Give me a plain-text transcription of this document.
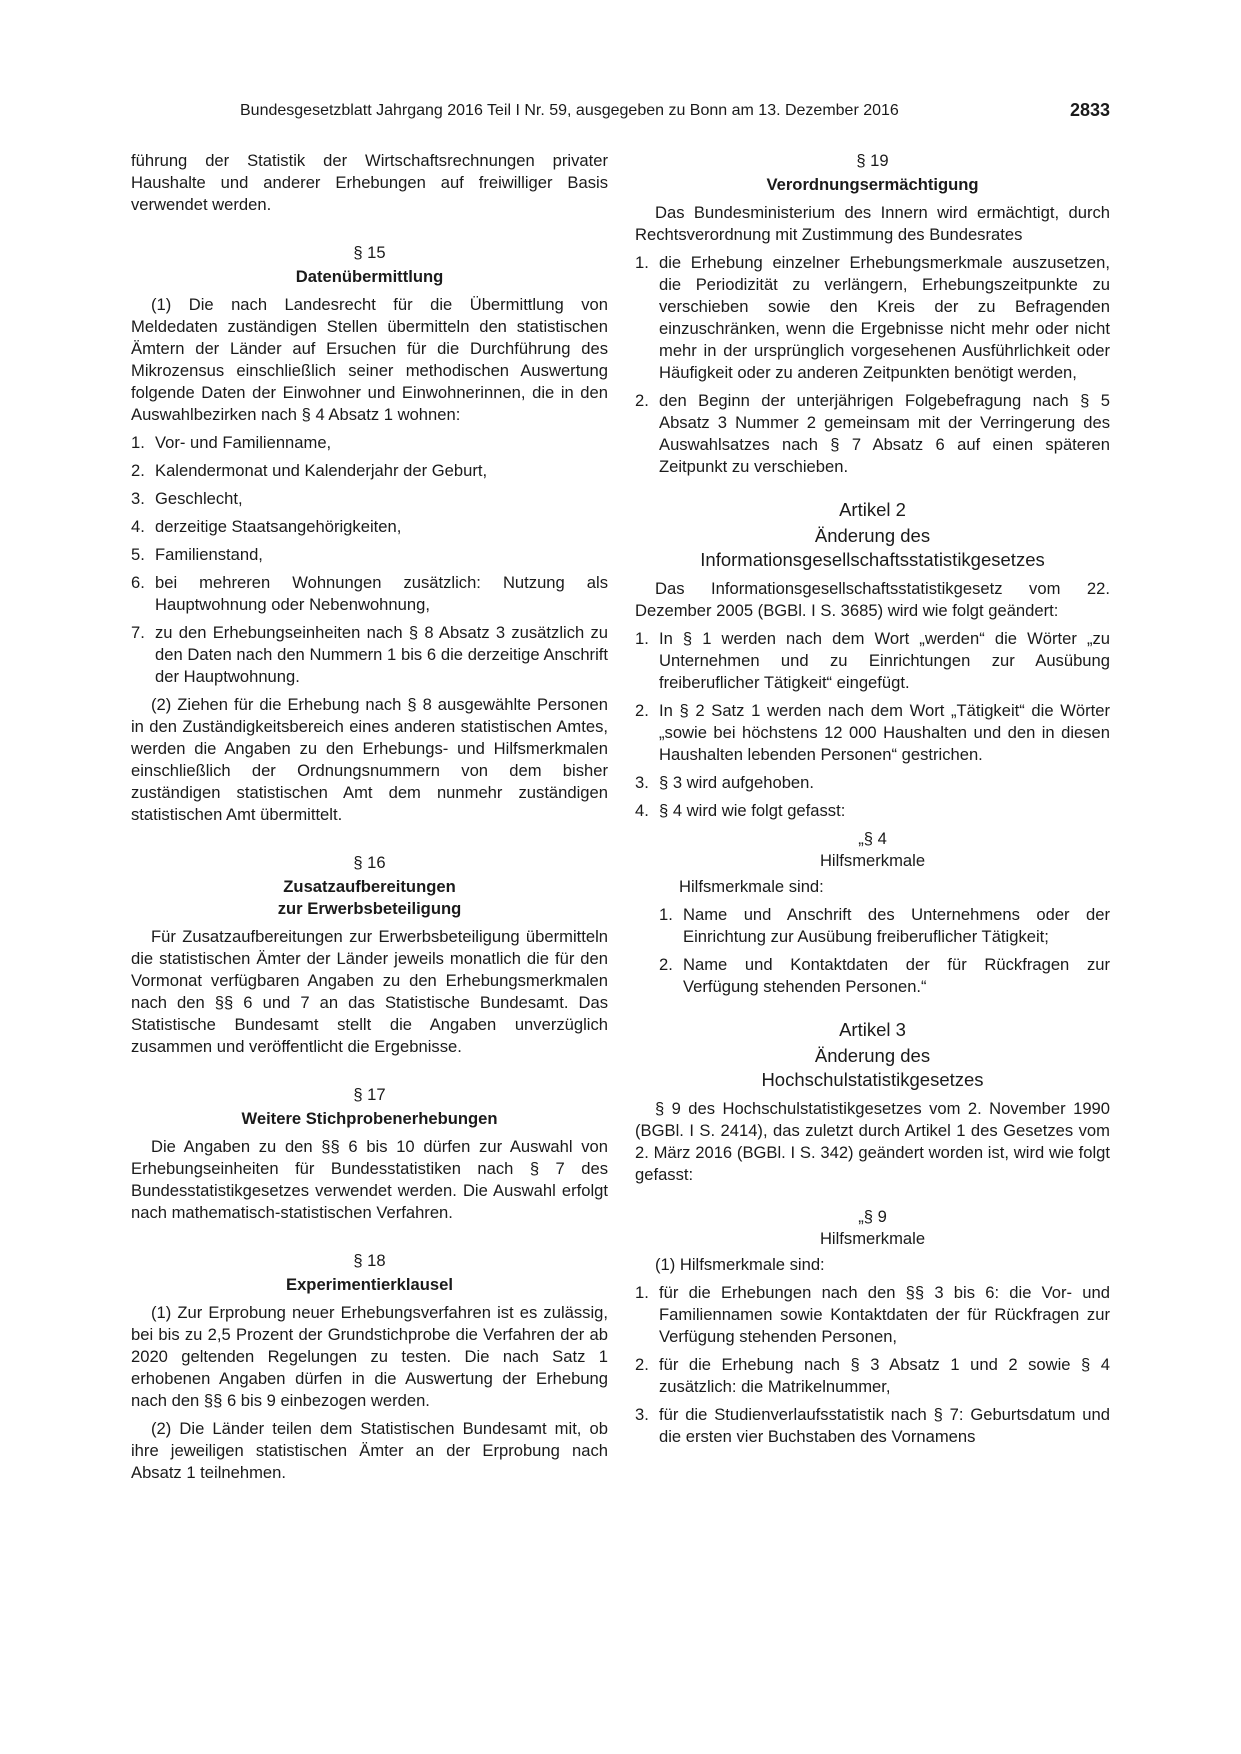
Bundesgesetzblatt Jahrgang 2016 Teil I Nr. 59, ausgegeben zu Bonn am 13. Dezember 2016	2833

führung der Statistik der Wirtschaftsrechnungen privater Haushalte und anderer Erhebungen auf freiwilliger Basis verwendet werden.

§ 15

Datenübermittlung

(1) Die nach Landesrecht für die Übermittlung von Meldedaten zuständigen Stellen übermitteln den statistischen Ämtern der Länder auf Ersuchen für die Durchführung des Mikrozensus einschließlich seiner methodischen Auswertung folgende Daten der Einwohner und Einwohnerinnen, die in den Auswahlbezirken nach § 4 Absatz 1 wohnen:

1. Vor- und Familienname,
2. Kalendermonat und Kalenderjahr der Geburt,
3. Geschlecht,
4. derzeitige Staatsangehörigkeiten,
5. Familienstand,
6. bei mehreren Wohnungen zusätzlich: Nutzung als Hauptwohnung oder Nebenwohnung,
7. zu den Erhebungseinheiten nach § 8 Absatz 3 zusätzlich zu den Daten nach den Nummern 1 bis 6 die derzeitige Anschrift der Hauptwohnung.

(2) Ziehen für die Erhebung nach § 8 ausgewählte Personen in den Zuständigkeitsbereich eines anderen statistischen Amtes, werden die Angaben zu den Erhebungs- und Hilfsmerkmalen einschließlich der Ordnungsnummern von dem bisher zuständigen statistischen Amt dem nunmehr zuständigen statistischen Amt übermittelt.

§ 16

Zusatzaufbereitungen

zur Erwerbsbeteiligung

Für Zusatzaufbereitungen zur Erwerbsbeteiligung übermitteln die statistischen Ämter der Länder jeweils monatlich die für den Vormonat verfügbaren Angaben zu den Erhebungsmerkmalen nach den §§ 6 und 7 an das Statistische Bundesamt. Das Statistische Bundesamt stellt die Angaben unverzüglich zusammen und veröffentlicht die Ergebnisse.

§ 17

Weitere Stichprobenerhebungen

Die Angaben zu den §§ 6 bis 10 dürfen zur Auswahl von Erhebungseinheiten für Bundesstatistiken nach § 7 des Bundesstatistikgesetzes verwendet werden. Die Auswahl erfolgt nach mathematisch-statistischen Verfahren.

§ 18

Experimentierklausel

(1) Zur Erprobung neuer Erhebungsverfahren ist es zulässig, bei bis zu 2,5 Prozent der Grundstichprobe die Verfahren der ab 2020 geltenden Regelungen zu testen. Die nach Satz 1 erhobenen Angaben dürfen in die Auswertung der Erhebung nach den §§ 6 bis 9 einbezogen werden.

(2) Die Länder teilen dem Statistischen Bundesamt mit, ob ihre jeweiligen statistischen Ämter an der Erprobung nach Absatz 1 teilnehmen.

§ 19

Verordnungsermächtigung

Das Bundesministerium des Innern wird ermächtigt, durch Rechtsverordnung mit Zustimmung des Bundesrates

1. die Erhebung einzelner Erhebungsmerkmale auszusetzen, die Periodizität zu verlängern, Erhebungszeitpunkte zu verschieben sowie den Kreis der zu Befragenden einzuschränken, wenn die Ergebnisse nicht mehr oder nicht mehr in der ursprünglich vorgesehenen Ausführlichkeit oder Häufigkeit oder zu anderen Zeitpunkten benötigt werden,
2. den Beginn der unterjährigen Folgebefragung nach § 5 Absatz 3 Nummer 2 gemeinsam mit der Verringerung des Auswahlsatzes nach § 7 Absatz 6 auf einen späteren Zeitpunkt zu verschieben.

Artikel 2

Änderung des

Informationsgesellschaftsstatistikgesetzes

Das Informationsgesellschaftsstatistikgesetz vom 22. Dezember 2005 (BGBl. I S. 3685) wird wie folgt geändert:

1. In § 1 werden nach dem Wort „werden“ die Wörter „zu Unternehmen und zu Einrichtungen zur Ausübung freiberuflicher Tätigkeit“ eingefügt.
2. In § 2 Satz 1 werden nach dem Wort „Tätigkeit“ die Wörter „sowie bei höchstens 12 000 Haushalten und den in diesen Haushalten lebenden Personen“ gestrichen.
3. § 3 wird aufgehoben.
4. § 4 wird wie folgt gefasst:

„§ 4

Hilfsmerkmale

Hilfsmerkmale sind:

1. Name und Anschrift des Unternehmens oder der Einrichtung zur Ausübung freiberuflicher Tätigkeit;
2. Name und Kontaktdaten der für Rückfragen zur Verfügung stehenden Personen.“

Artikel 3

Änderung des

Hochschulstatistikgesetzes

§ 9 des Hochschulstatistikgesetzes vom 2. November 1990 (BGBl. I S. 2414), das zuletzt durch Artikel 1 des Gesetzes vom 2. März 2016 (BGBl. I S. 342) geändert worden ist, wird wie folgt gefasst:

„§ 9

Hilfsmerkmale

(1) Hilfsmerkmale sind:

1. für die Erhebungen nach den §§ 3 bis 6: die Vor- und Familiennamen sowie Kontaktdaten der für Rückfragen zur Verfügung stehenden Personen,
2. für die Erhebung nach § 3 Absatz 1 und 2 sowie § 4 zusätzlich: die Matrikelnummer,
3. für die Studienverlaufsstatistik nach § 7: Geburtsdatum und die ersten vier Buchstaben des Vornamens
